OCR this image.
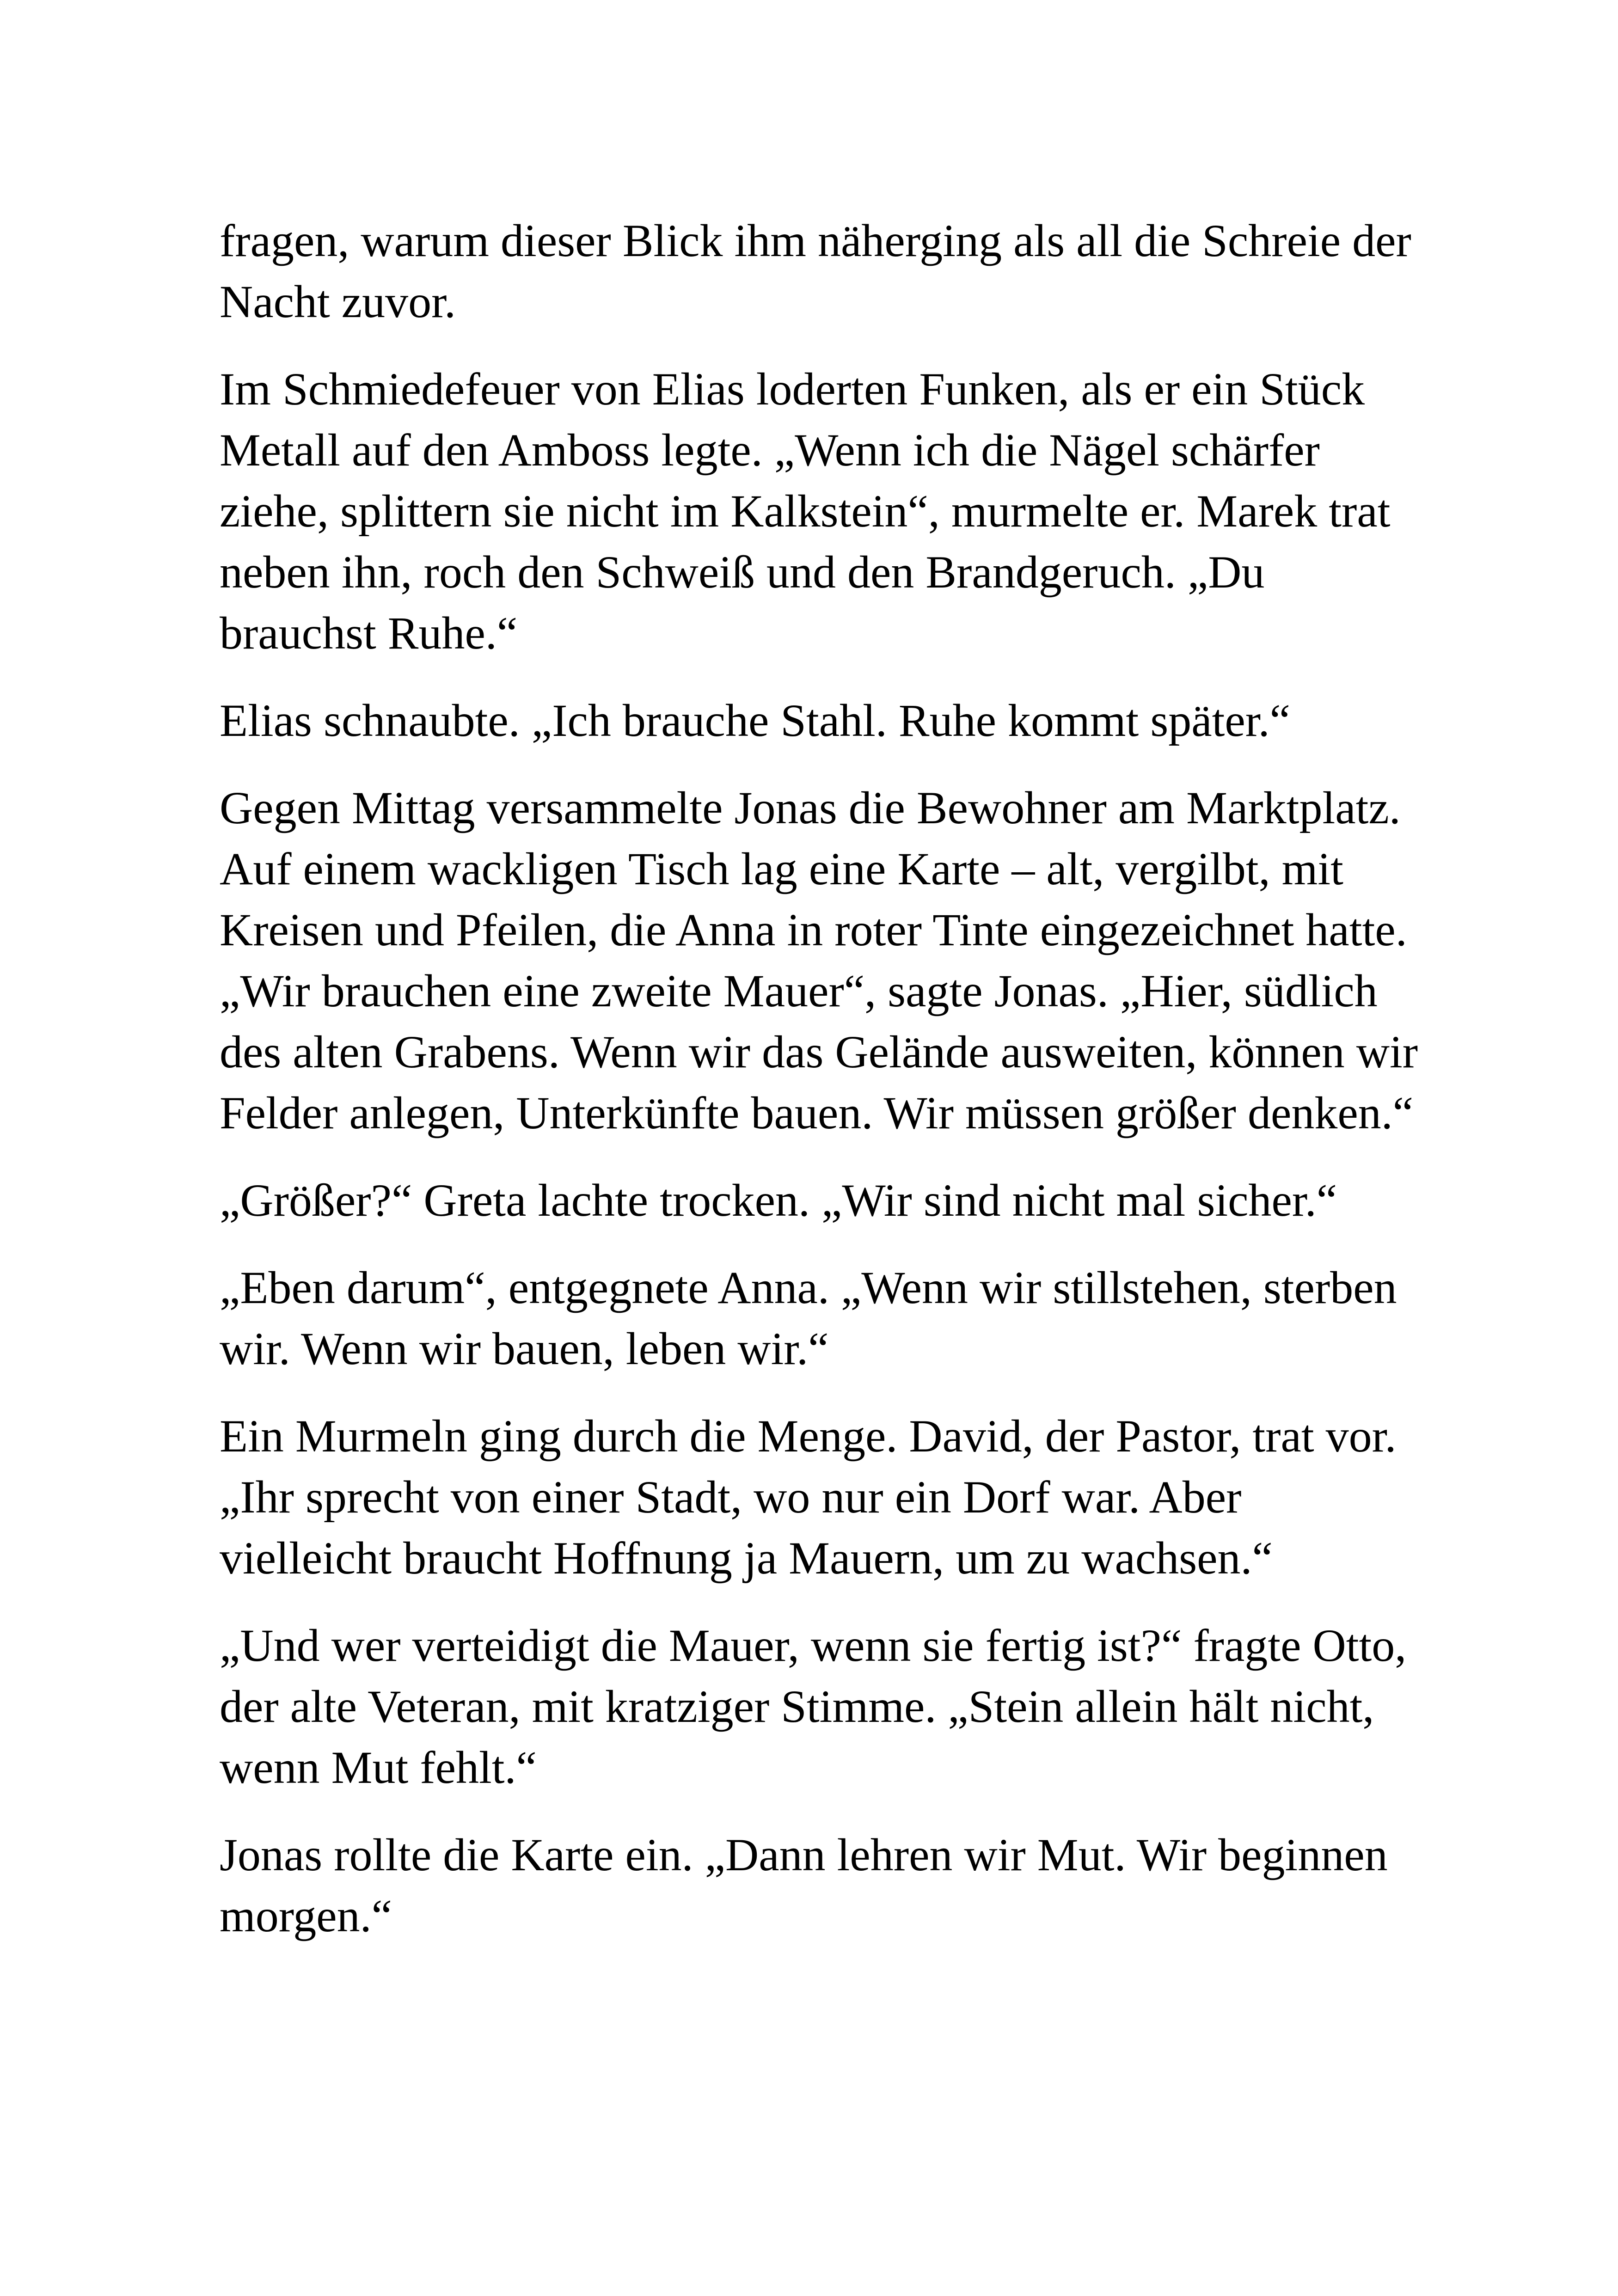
fragen, warum dieser Blick ihm näherging als all die Schreie der Nacht zuvor.

Im Schmiedefeuer von Elias loderten Funken, als er ein Stück Metall auf den Amboss legte. „Wenn ich die Nägel schärfer ziehe, splittern sie nicht im Kalkstein“, murmelte er. Marek trat neben ihn, roch den Schweiß und den Brandgeruch. „Du brauchst Ruhe.“

Elias schnaubte. „Ich brauche Stahl. Ruhe kommt später.“

Gegen Mittag versammelte Jonas die Bewohner am Marktplatz. Auf einem wackligen Tisch lag eine Karte – alt, vergilbt, mit Kreisen und Pfeilen, die Anna in roter Tinte eingezeichnet hatte. „Wir brauchen eine zweite Mauer“, sagte Jonas. „Hier, südlich des alten Grabens. Wenn wir das Gelände ausweiten, können wir Felder anlegen, Unterkünfte bauen. Wir müssen größer denken.“

„Größer?“ Greta lachte trocken. „Wir sind nicht mal sicher.“

„Eben darum“, entgegnete Anna. „Wenn wir stillstehen, sterben wir. Wenn wir bauen, leben wir.“

Ein Murmeln ging durch die Menge. David, der Pastor, trat vor. „Ihr sprecht von einer Stadt, wo nur ein Dorf war. Aber vielleicht braucht Hoffnung ja Mauern, um zu wachsen.“

„Und wer verteidigt die Mauer, wenn sie fertig ist?“ fragte Otto, der alte Veteran, mit kratziger Stimme. „Stein allein hält nicht, wenn Mut fehlt.“

Jonas rollte die Karte ein. „Dann lehren wir Mut. Wir beginnen morgen.“
